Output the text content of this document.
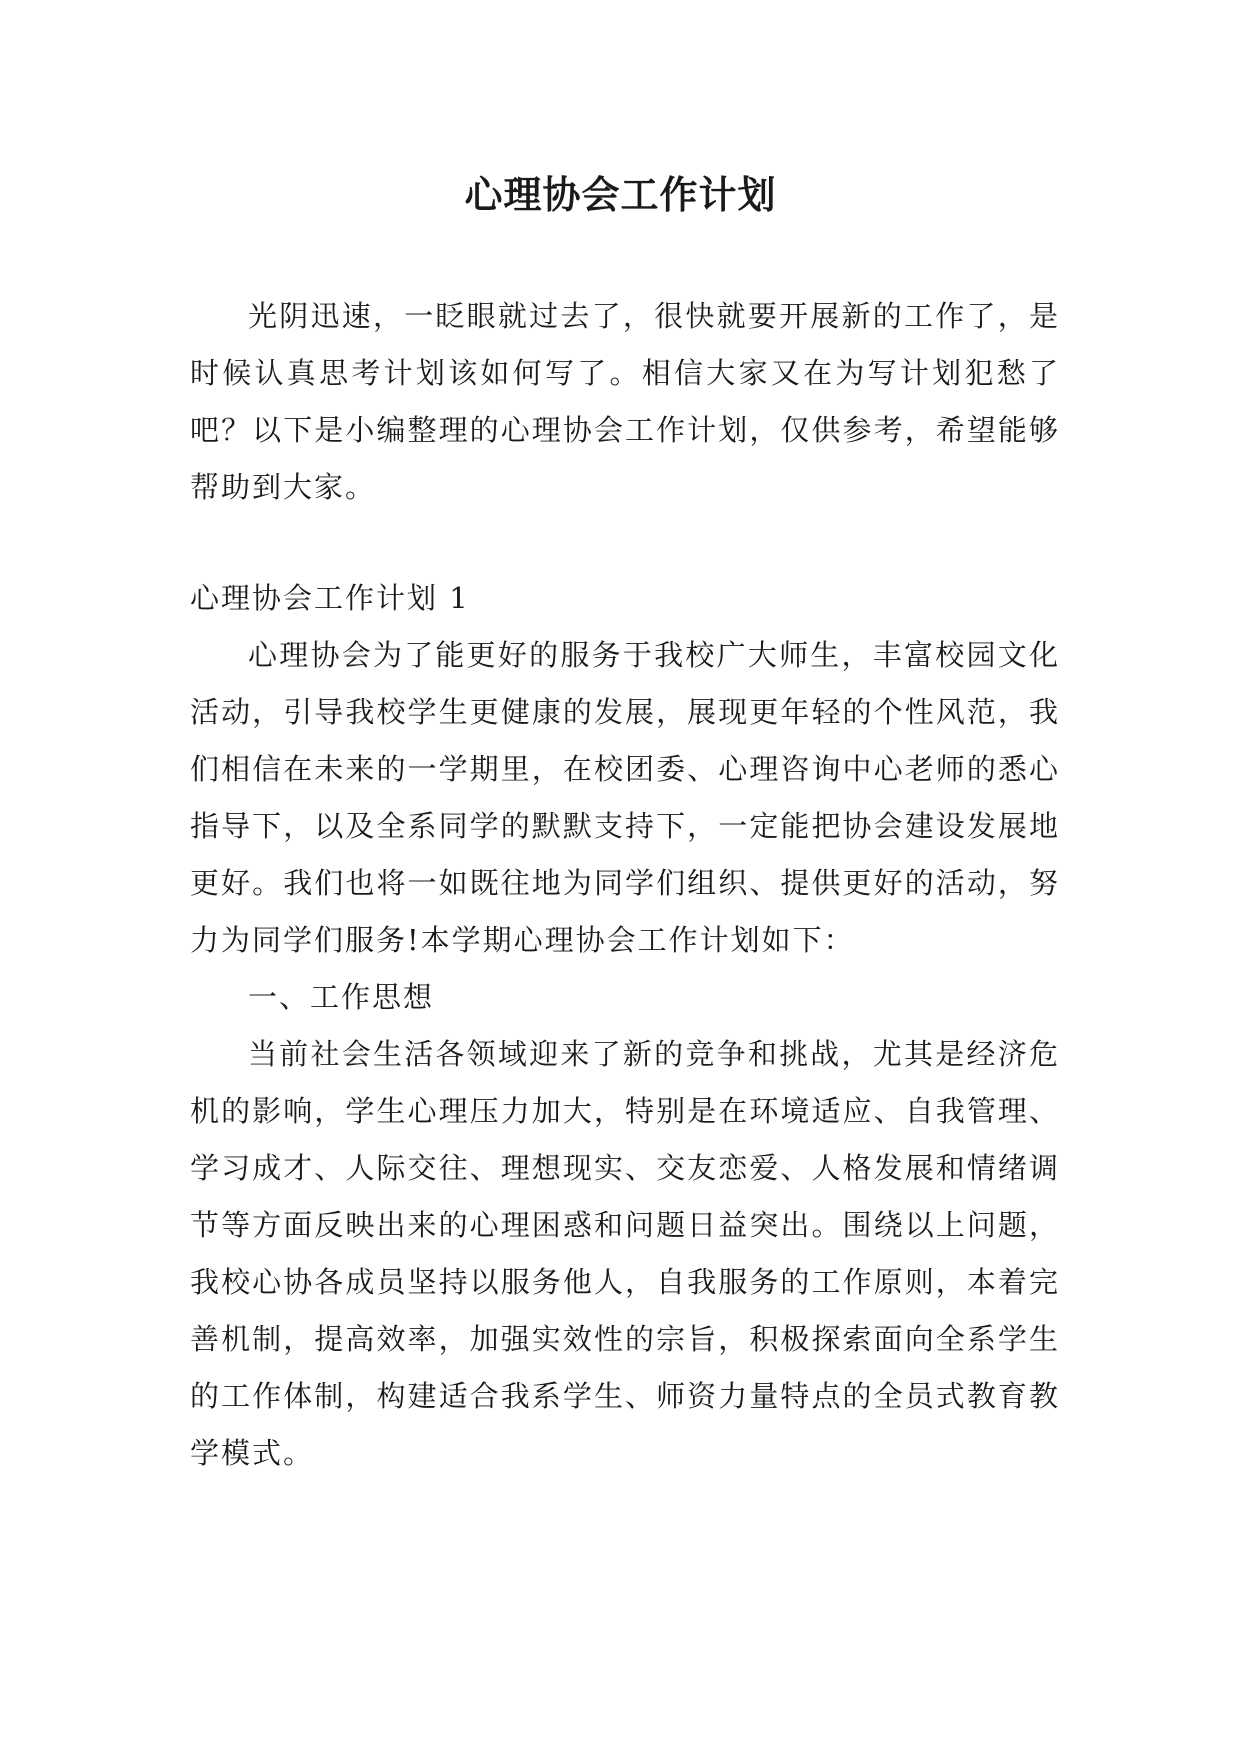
心理协会工作计划

光阴迅速，一眨眼就过去了，很快就要开展新的工作了，是时候认真思考计划该如何写了。相信大家又在为写计划犯愁了吧？以下是小编整理的心理协会工作计划，仅供参考，希望能够帮助到大家。

心理协会工作计划 1

心理协会为了能更好的服务于我校广大师生，丰富校园文化活动，引导我校学生更健康的发展，展现更年轻的个性风范，我们相信在未来的一学期里，在校团委、心理咨询中心老师的悉心指导下，以及全系同学的默默支持下，一定能把协会建设发展地更好。我们也将一如既往地为同学们组织、提供更好的活动，努力为同学们服务!本学期心理协会工作计划如下：

一、工作思想

当前社会生活各领域迎来了新的竞争和挑战，尤其是经济危机的影响，学生心理压力加大，特别是在环境适应、自我管理、学习成才、人际交往、理想现实、交友恋爱、人格发展和情绪调节等方面反映出来的心理困惑和问题日益突出。围绕以上问题，我校心协各成员坚持以服务他人，自我服务的工作原则，本着完善机制，提高效率，加强实效性的宗旨，积极探索面向全系学生的工作体制，构建适合我系学生、师资力量特点的全员式教育教学模式。
